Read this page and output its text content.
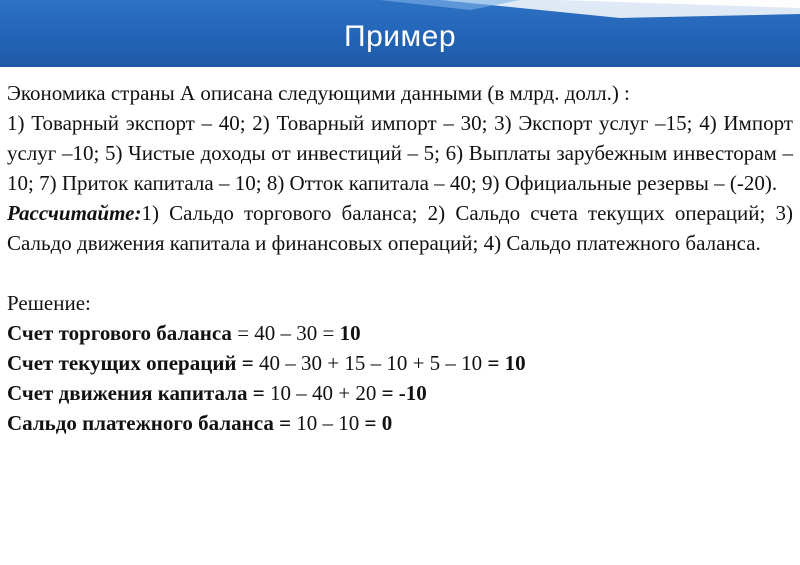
Пример

Экономика страны А описана следующими данными (в млрд. долл.) :

1) Товарный экспорт – 40; 2) Товарный импорт – 30; 3) Экспорт услуг –15; 4) Импорт услуг –10; 5) Чистые доходы от инвестиций – 5; 6) Выплаты зарубежным инвесторам – 10; 7) Приток капитала – 10; 8) Отток капитала – 40; 9) Официальные резервы – (-20).

Рассчитайте:1) Сальдо торгового баланса; 2) Сальдо счета текущих операций; 3) Сальдо движения капитала и финансовых операций; 4) Сальдо платежного баланса.

Решение:

Счет торгового баланса = 40 – 30 = 10

Счет текущих операций = 40 – 30 + 15 – 10 + 5 – 10 = 10

Счет движения капитала = 10 – 40 + 20 = -10

Сальдо платежного баланса = 10 – 10 = 0
